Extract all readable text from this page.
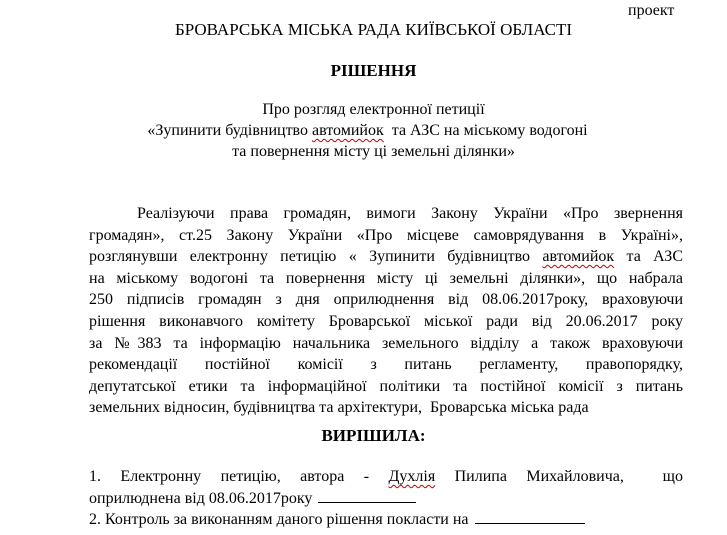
проект
БРОВАРСЬКА МІСЬКА РАДА КИЇВСЬКОЇ ОБЛАСТІ
РІШЕННЯ
Про розгляд електронної петиції
«Зупинити будівництво автомийок  та АЗС на міському водогоні
та повернення місту ці земельні ділянки»
Реалізуючи права громадян, вимоги Закону України «Про звернення
громадян», ст.25 Закону України «Про місцеве самоврядування в Україні»,
розглянувши електронну петицію « Зупинити будівництво автомийок та АЗС
на міському водогоні та повернення місту ці земельні ділянки», що набрала
250 підписів громадян з дня оприлюднення від 08.06.2017року, враховуючи
рішення виконавчого комітету Броварської міської ради від 20.06.2017 року
за №383 та інформацію начальника земельного відділу а також враховуючи
рекомендації постійної комісії з питань регламенту, правопорядку,
депутатської етики та інформаційної політики та постійної комісії з питань
земельних відносин, будівництва та архітектури,  Броварська міська рада
ВИРІШИЛА:
1. Електронну петицію, автора - Духлія Пилипа Михайловича,  що
оприлюднена від 08.06.2017року
2. Контроль за виконанням даного рішення покласти на
